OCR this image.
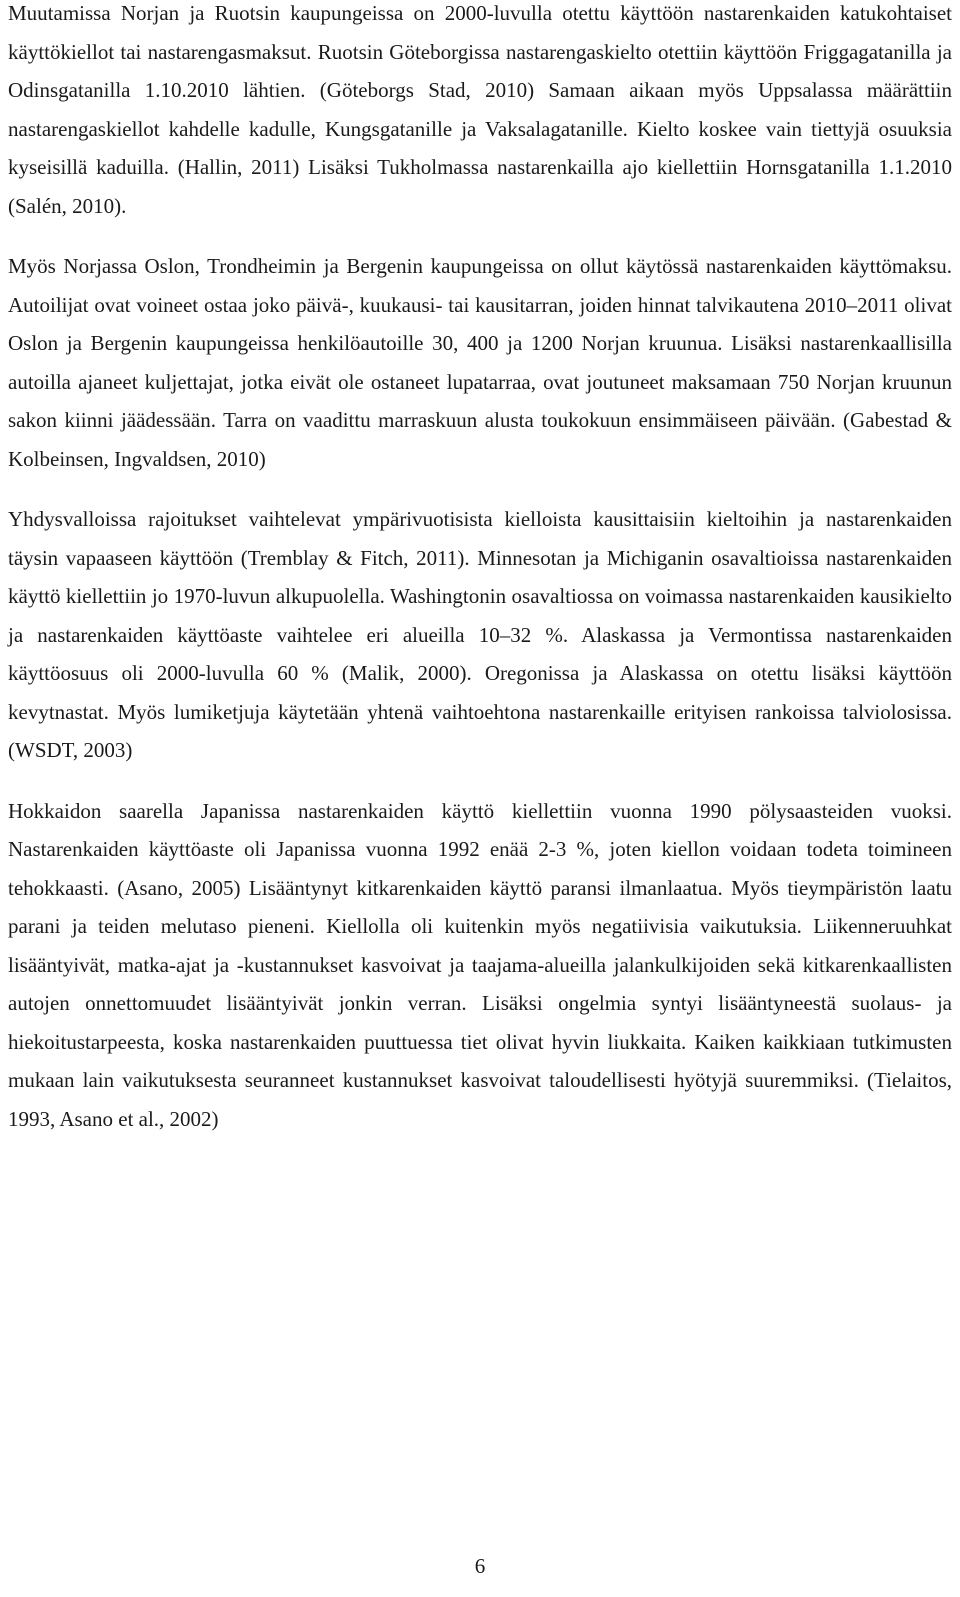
Muutamissa Norjan ja Ruotsin kaupungeissa on 2000-luvulla otettu käyttöön nastarenkaiden katukohtaiset käyttökiellot tai nastarengasmaksut. Ruotsin Göteborgissa nastarengaskielto otettiin käyttöön Friggagatanilla ja Odinsgatanilla 1.10.2010 lähtien. (Göteborgs Stad, 2010) Samaan aikaan myös Uppsalassa määrättiin nastarengaskiellot kahdelle kadulle, Kungsgatanille ja Vaksalagatanille. Kielto koskee vain tiettyjä osuuksia kyseisillä kaduilla. (Hallin, 2011) Lisäksi Tukholmassa nastarenkailla ajo kiellettiin Hornsgatanilla 1.1.2010 (Salén, 2010).

Myös Norjassa Oslon, Trondheimin ja Bergenin kaupungeissa on ollut käytössä nastarenkaiden käyttömaksu. Autoilijat ovat voineet ostaa joko päivä-, kuukausi- tai kausitarran, joiden hinnat talvikautena 2010–2011 olivat Oslon ja Bergenin kaupungeissa henkilöautoille 30, 400 ja 1200 Norjan kruunua. Lisäksi nastarenkaallisilla autoilla ajaneet kuljettajat, jotka eivät ole ostaneet lupatarraa, ovat joutuneet maksamaan 750 Norjan kruunun sakon kiinni jäädessään. Tarra on vaadittu marraskuun alusta toukokuun ensimmäiseen päivään. (Gabestad & Kolbeinsen, Ingvaldsen, 2010)

Yhdysvalloissa rajoitukset vaihtelevat ympärivuotisista kielloista kausittaisiin kieltoihin ja nastarenkaiden täysin vapaaseen käyttöön (Tremblay & Fitch, 2011). Minnesotan ja Michiganin osavaltioissa nastarenkaiden käyttö kiellettiin jo 1970-luvun alkupuolella. Washingtonin osavaltiossa on voimassa nastarenkaiden kausikielto ja nastarenkaiden käyttöaste vaihtelee eri alueilla 10–32 %. Alaskassa ja Vermontissa nastarenkaiden käyttöosuus oli 2000-luvulla 60 % (Malik, 2000). Oregonissa ja Alaskassa on otettu lisäksi käyttöön kevytnastat. Myös lumiketjuja käytetään yhtenä vaihtoehtona nastarenkaille erityisen rankoissa talviolosissa. (WSDT, 2003)

Hokkaidon saarella Japanissa nastarenkaiden käyttö kiellettiin vuonna 1990 pölysaasteiden vuoksi. Nastarenkaiden käyttöaste oli Japanissa vuonna 1992 enää 2-3 %, joten kiellon voidaan todeta toimineen tehokkaasti. (Asano, 2005) Lisääntynyt kitkarenkaiden käyttö paransi ilmanlaatua. Myös tieympäristön laatu parani ja teiden melutaso pieneni. Kiellolla oli kuitenkin myös negatiivisia vaikutuksia. Liikenneruuhkat lisääntyivät, matka-ajat ja -kustannukset kasvoivat ja taajama-alueilla jalankulkijoiden sekä kitkarenkaallisten autojen onnettomuudet lisääntyivät jonkin verran. Lisäksi ongelmia syntyi lisääntyneestä suolaus- ja hiekoitustarpeesta, koska nastarenkaiden puuttuessa tiet olivat hyvin liukkaita. Kaiken kaikkiaan tutkimusten mukaan lain vaikutuksesta seuranneet kustannukset kasvoivat taloudellisesti hyötyjä suuremmiksi. (Tielaitos, 1993, Asano et al., 2002)

6
